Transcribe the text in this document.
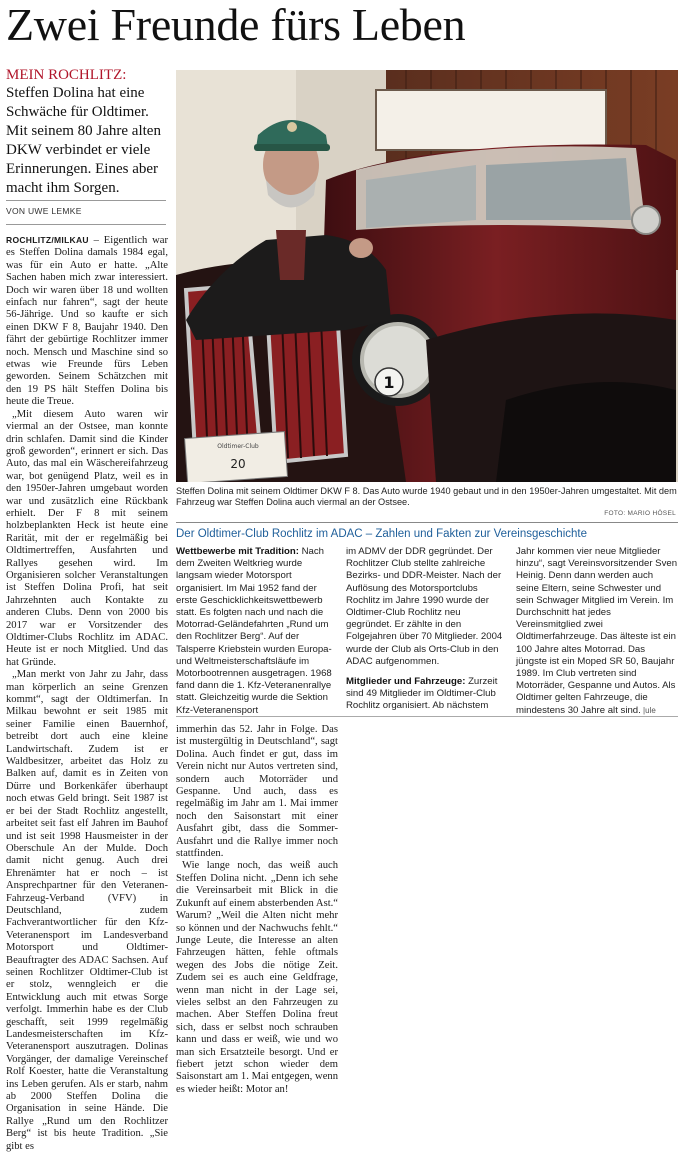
Zwei Freunde fürs Leben
MEIN ROCHLITZ:
Steffen Dolina hat eine Schwäche für Oldtimer. Mit seinem 80 Jahre alten DKW verbindet er viele Erinnerungen. Eines aber macht ihm Sorgen.
VON UWE LEMKE

ROCHLITZ/MILKAU – Eigentlich war es Steffen Dolina damals 1984 egal, was für ein Auto er hatte. „Alte Sachen haben mich zwar interessiert. Doch wir waren über 18 und wollten einfach nur fahren“, sagt der heute 56-Jährige. Und so kaufte er sich einen DKW F 8, Baujahr 1940. Den fährt der gebürtige Rochlitzer immer noch. Mensch und Maschine sind so etwas wie Freunde fürs Leben geworden. Seinem Schätzchen mit den 19 PS hält Steffen Dolina bis heute die Treue.

„Mit diesem Auto waren wir viermal an der Ostsee, man konnte drin schlafen. Damit sind die Kinder groß geworden“, erinnert er sich. Das Auto, das mal ein Wäschereifahrzeug war, bot genügend Platz, weil es in den 1950er-Jahren umgebaut worden war und zusätzlich eine Rückbank erhielt. Der F 8 mit seinem holzbeplankten Heck ist heute eine Rarität, mit der er regelmäßig bei Oldtimertreffen, Ausfahrten und Rallyes gesehen wird. Im Organisieren solcher Veranstaltungen ist Steffen Dolina Profi, hat seit Jahrzehnten auch Kontakte zu anderen Clubs. Denn von 2000 bis 2017 war er Vorsitzender des Oldtimer-Clubs Rochlitz im ADAC. Heute ist er noch Mitglied. Und das hat Gründe.

„Man merkt von Jahr zu Jahr, dass man körperlich an seine Grenzen kommt“, sagt der Oldtimerfan. In Milkau bewohnt er seit 1985 mit seiner Familie einen Bauernhof, betreibt dort auch eine kleine Landwirtschaft. Zudem ist er Waldbesitzer, arbeitet das Holz zu Balken auf, damit es in Zeiten von Dürre und Borkenkäfer überhaupt noch etwas Geld bringt. Seit 1987 ist er bei der Stadt Rochlitz angestellt, arbeitet seit fast elf Jahren im Bauhof und ist seit 1998 Hausmeister in der Oberschule An der Mulde. Doch damit nicht genug. Auch drei Ehrenämter hat er noch – ist Ansprechpartner für den Veteranen-Fahrzeug-Verband (VFV) in Deutschland, zudem Fachverantwortlicher für den Kfz-Veteranensport im Landesverband Motorsport und Oldtimer-Beauftragter des ADAC Sachsen. Auf seinen Rochlitzer Oldtimer-Club ist er stolz, wenngleich er die Entwicklung auch mit etwas Sorge verfolgt. Immerhin habe es der Club geschafft, seit 1999 regelmäßig Landesmeisterschaften im Kfz-Veteranensport auszutragen. Dolinas Vorgänger, der damalige Vereinschef Rolf Koester, hatte die Veranstaltung ins Leben gerufen. Als er starb, nahm ab 2000 Steffen Dolina die Organisation in seine Hände. Die Rallye „Rund um den Rochlitzer Berg“ ist bis heute Tradition. „Sie gibt es

1
20
Oldtimer-Club
Steffen Dolina mit seinem Oldtimer DKW F 8. Das Auto wurde 1940 gebaut und in den 1950er-Jahren umgestaltet. Mit dem Fahrzeug war Steffen Dolina auch viermal an der Ostsee.
FOTO: MARIO HÖSEL
Der Oldtimer-Club Rochlitz im ADAC – Zahlen und Fakten zur Vereinsgeschichte
Wettbewerbe mit Tradition: Nach dem Zweiten Weltkrieg wurde langsam wieder Motorsport organisiert. Im Mai 1952 fand der erste Geschicklichkeitswettbewerb statt. Es folgten nach und nach die Motorrad-Geländefahrten „Rund um den Rochlitzer Berg“. Auf der Talsperre Kriebstein wurden Europa- und Weltmeisterschaftsläufe im Motorbootrennen ausgetragen. 1968 fand dann die 1. Kfz-Veteranenrallye statt. Gleichzeitig wurde die Sektion Kfz-Veteranensport
im ADMV der DDR gegründet. Der Rochlitzer Club stellte zahlreiche Bezirks- und DDR-Meister. Nach der Auflösung des Motorsportclubs Rochlitz im Jahre 1990 wurde der Oldtimer-Club Rochlitz neu gegründet. Er zählte in den Folgejahren über 70 Mitglieder. 2004 wurde der Club als Orts-Club in den ADAC aufgenommen.
Mitglieder und Fahrzeuge: Zurzeit sind 49 Mitglieder im Oldtimer-Club Rochlitz organisiert. Ab nächstem
Jahr kommen vier neue Mitglieder hinzu“, sagt Vereinsvorsitzender Sven Heinig. Denn dann werden auch seine Eltern, seine Schwester und sein Schwager Mitglied im Verein. Im Durchschnitt hat jedes Vereinsmitglied zwei Oldtimerfahrzeuge. Das älteste ist ein 100 Jahre altes Motorrad. Das jüngste ist ein Moped SR 50, Baujahr 1989. Im Club vertreten sind Motorräder, Gespanne und Autos. Als Oldtimer gelten Fahrzeuge, die mindestens 30 Jahre alt sind. |ule

immerhin das 52. Jahr in Folge. Das ist mustergültig in Deutschland“, sagt Dolina. Auch findet er gut, dass im Verein nicht nur Autos vertreten sind, sondern auch Motorräder und Gespanne. Und auch, dass es regelmäßig im Jahr am 1. Mai immer noch den Saisonstart mit einer Ausfahrt gibt, dass die Sommer-Ausfahrt und die Rallye immer noch stattfinden.

Wie lange noch, das weiß auch Steffen Dolina nicht. „Denn ich sehe die Vereinsarbeit mit Blick in die Zukunft auf einem absterbenden Ast.“ Warum? „Weil die Alten nicht mehr so können und der Nachwuchs fehlt.“ Junge Leute, die Interesse an alten Fahrzeugen hätten, fehle oftmals wegen des Jobs die nötige Zeit. Zudem sei es auch eine Geldfrage, wenn man nicht in der Lage sei, vieles selbst an den Fahrzeugen zu machen. Aber Steffen Dolina freut sich, dass er selbst noch schrauben kann und dass er weiß, wie und wo man sich Ersatzteile besorgt. Und er fiebert jetzt schon wieder dem Saisonstart am 1. Mai entgegen, wenn es wieder heißt: Motor an!
